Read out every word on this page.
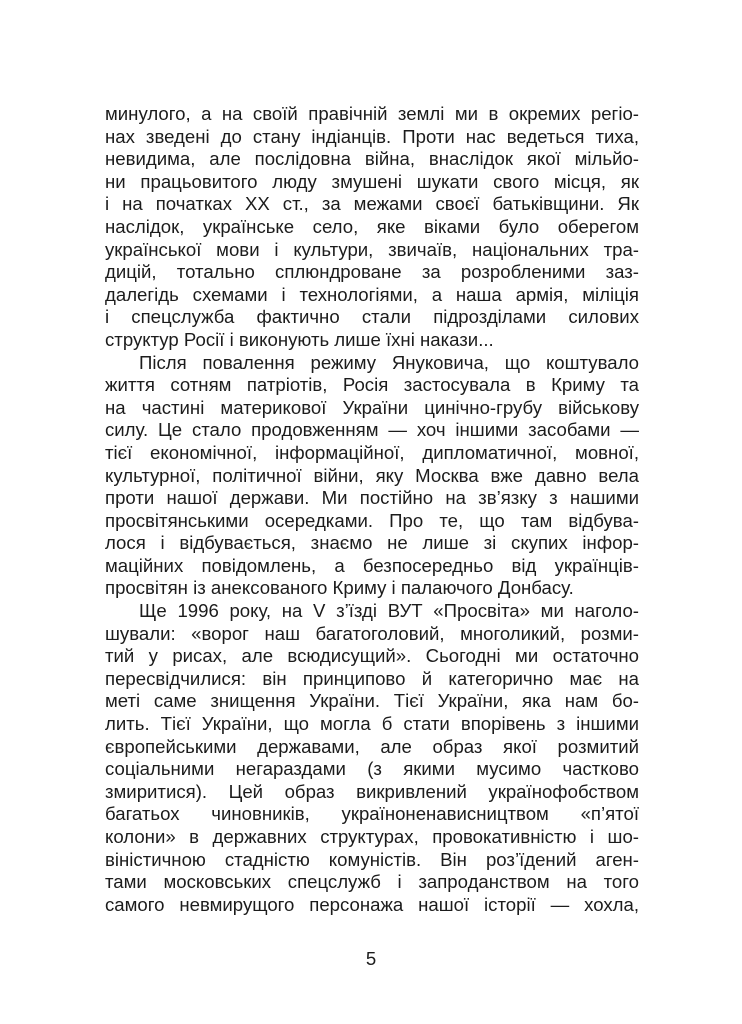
минулого, а на своїй правічній землі ми в окремих регіо-
нах зведені до стану індіанців. Проти нас ведеться тиха,
невидима, але послідовна війна, внаслідок якої мільйо-
ни працьовитого люду змушені шукати свого місця, як
і на початках XX ст., за межами своєї батьківщини. Як
наслідок, українське село, яке віками було оберегом
української мови і культури, звичаїв, національних тра-
дицій, тотально сплюндроване за розробленими заз-
далегідь схемами і технологіями, а наша армія, міліція
і спецслужба фактично стали підрозділами силових
структур Росії і виконують лише їхні накази...
Після повалення режиму Януковича, що коштувало
життя сотням патріотів, Росія застосувала в Криму та
на частині материкової України цинічно-грубу військову
силу. Це стало продовженням — хоч іншими засобами —
тієї економічної, інформаційної, дипломатичної, мовної,
культурної, політичної війни, яку Москва вже давно вела
проти нашої держави. Ми постійно на зв’язку з нашими
просвітянськими осередками. Про те, що там відбува-
лося і відбувається, знаємо не лише зі скупих інфор-
маційних повідомлень, а безпосередньо від українців-
просвітян із анексованого Криму і палаючого Донбасу.
Ще 1996 року, на V з’їзді ВУТ «Просвіта» ми наголо-
шували: «ворог наш багатоголовий, многоликий, розми-
тий у рисах, але всюдисущий». Сьогодні ми остаточно
пересвідчилися: він принципово й категорично має на
меті саме знищення України. Тієї України, яка нам бо-
лить. Тієї України, що могла б стати впорівень з іншими
європейськими державами, але образ якої розмитий
соціальними негараздами (з якими мусимо частково
змиритися). Цей образ викривлений українофобством
багатьох чиновників, українoненависництвом «п’ятої
колони» в державних структурах, провокативністю і шо-
віністичною стадністю комуністів. Він роз’їдений аген-
тами московських спецслужб і запроданством на того
самого невмирущого персонажа нашої історії — хохла,
5
